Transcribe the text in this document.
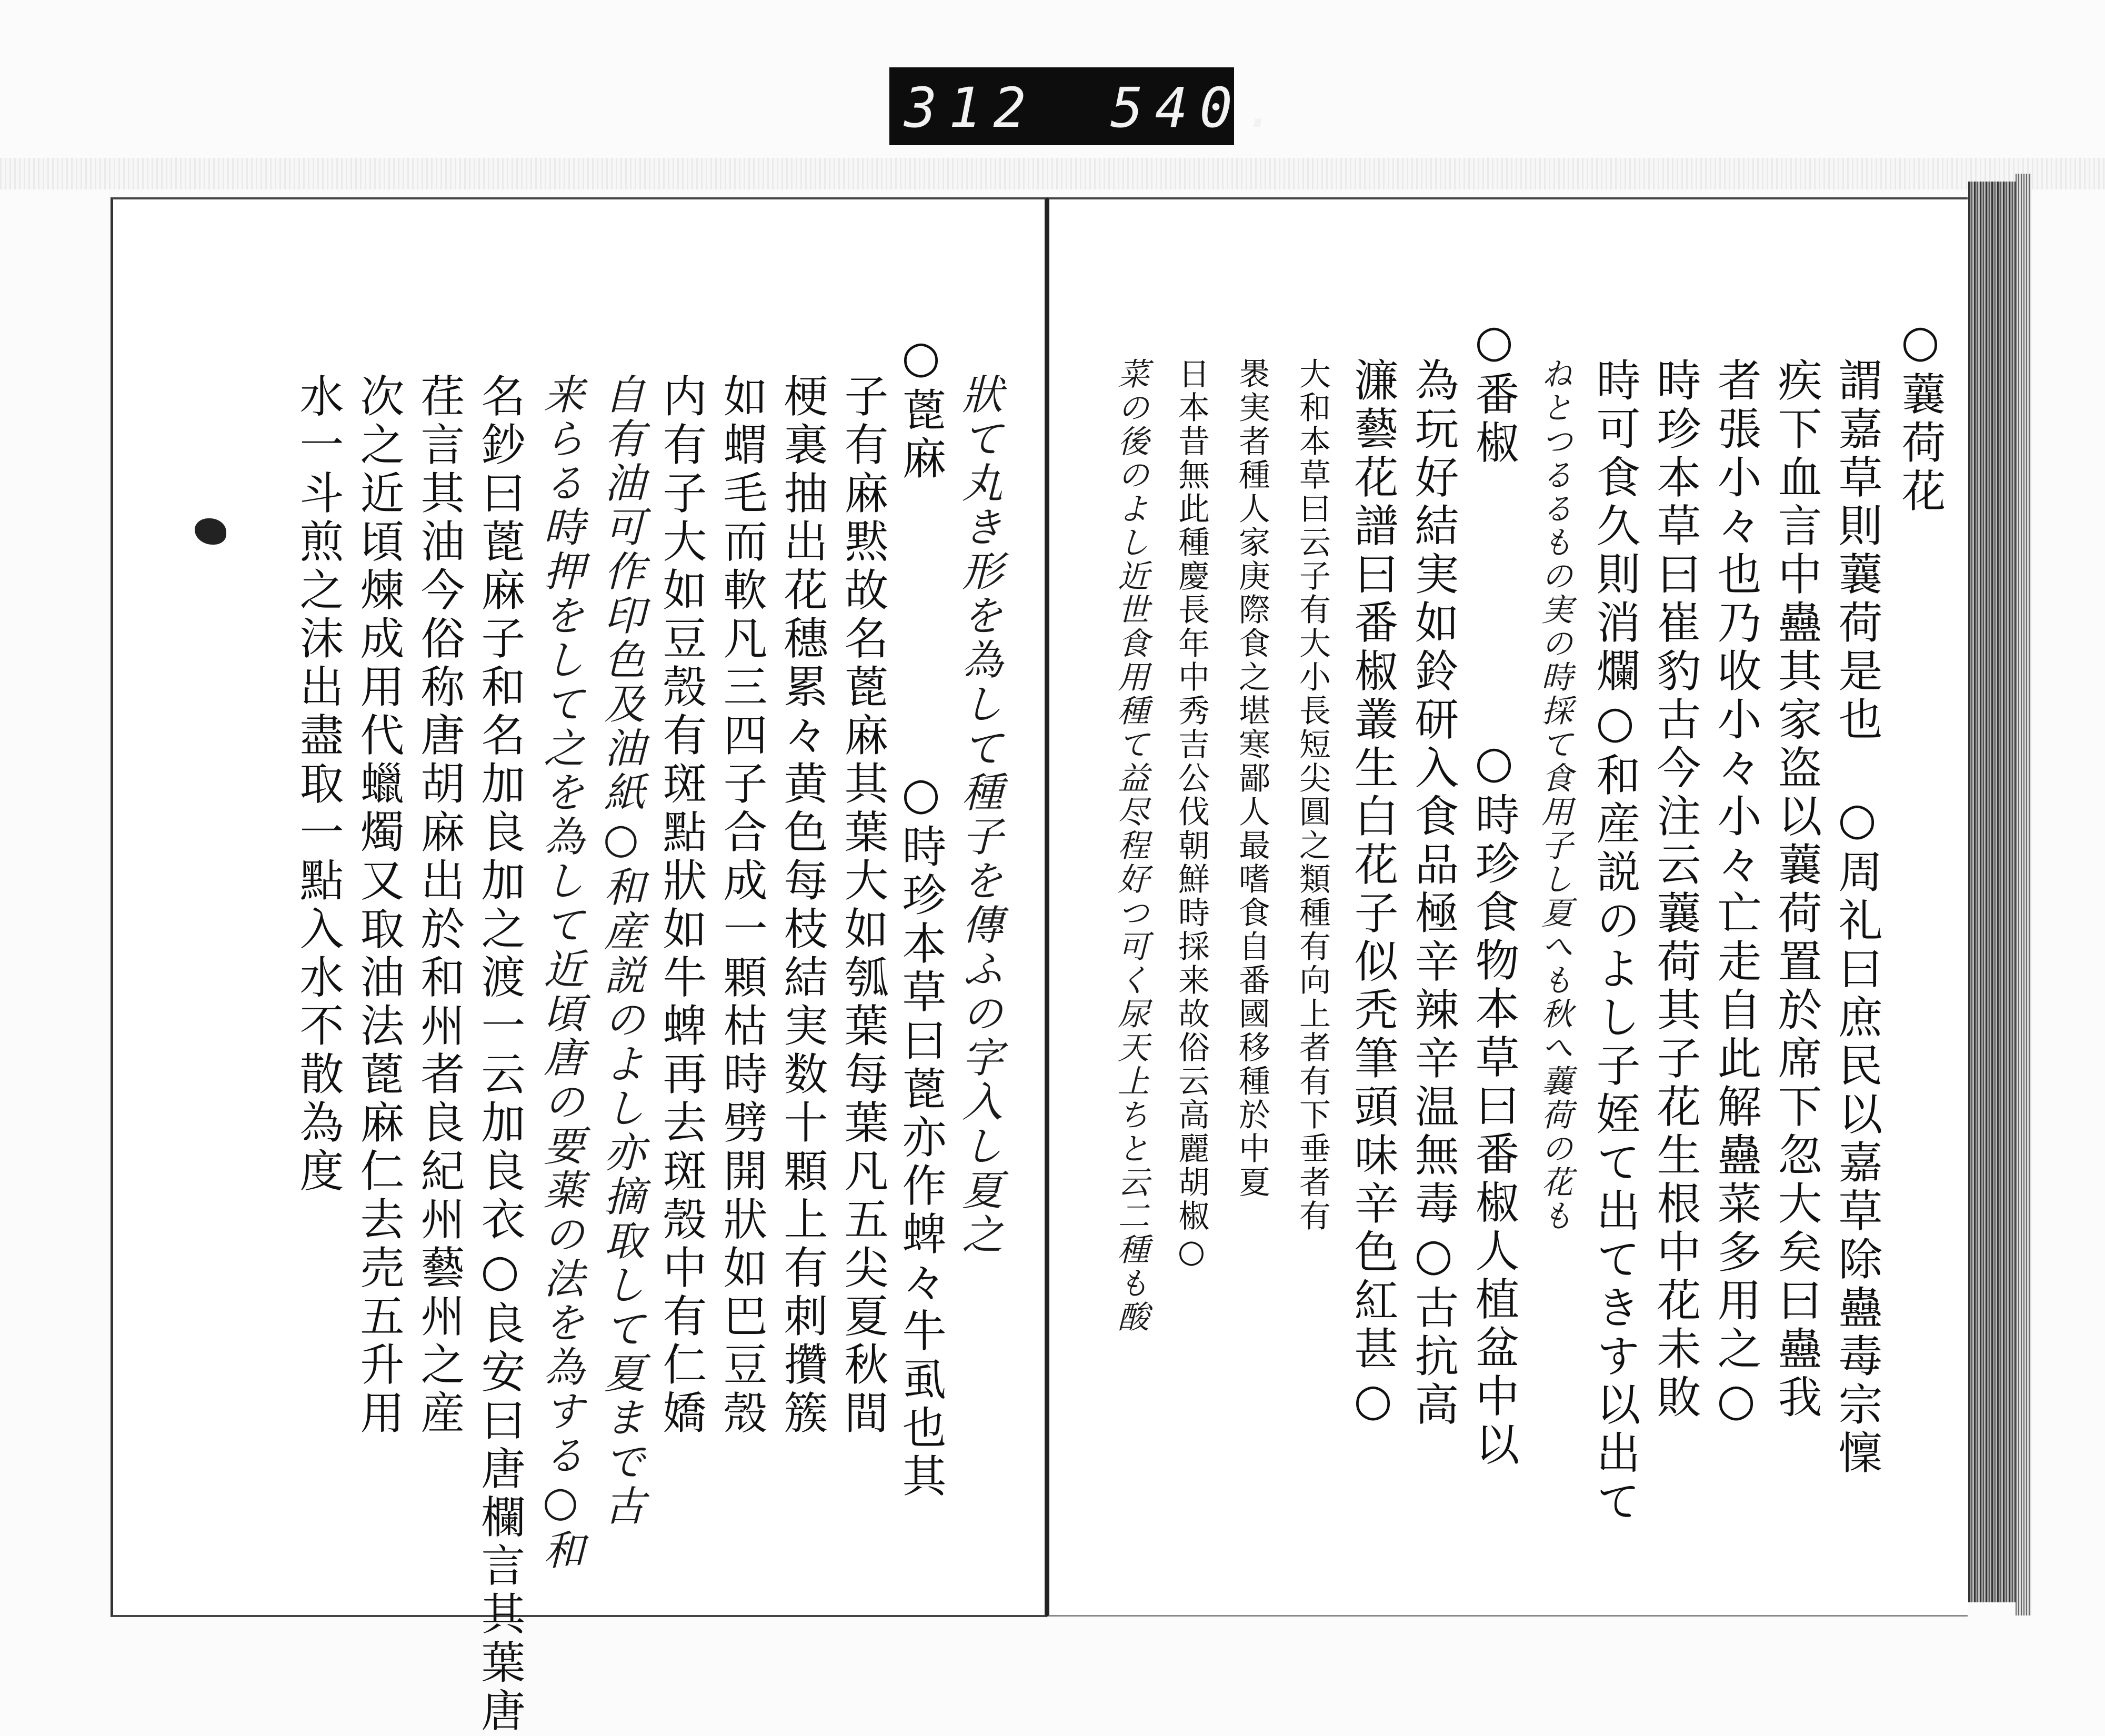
312 540.
狀て丸き形を為して種子を傳ふの字入し夏之
○蓖麻
○時珍本草曰蓖亦作蜱々牛虱也其
子有麻黙故名蓖麻其葉大如瓠葉每葉凡五尖夏秋間
梗裏抽出花穗累々黄色每枝結実数十顆上有刺攢簇
如蝟毛而軟凡三四子合成一顆枯時劈開狀如巴豆殼
内有子大如豆殼有斑點狀如牛蜱再去斑殼中有仁嬌
自有油可作印色及油紙○和産説のよし亦摘取して夏まで古
来らる時押をして之を為して近頃唐の要薬の法を為する○和
名鈔曰蓖麻子和名加良加之渡一云加良衣○良安曰唐欄言其葉唐
荏言其油今俗称唐胡麻出於和州者良紀州藝州之産
次之近頃煉成用代蠟燭又取油法蓖麻仁去売五升用
水一斗煎之沫出盡取一點入水不散為度	○蘘荷花
謂嘉草則蘘荷是也　○周礼曰庶民以嘉草除蠱毒宗懍
疾下血言中蠱其家盗以蘘荷置於席下忽大矣曰蠱我
者張小々也乃收小々小々亡走自此解蠱菜多用之○
時珍本草曰崔豹古今注云蘘荷其子花生根中花未敗
時可食久則消爛○和産説のよし子姪て出てきす以出て
ねとつるるもの実の時採て食用子し夏へも秋へ蘘荷の花も
○番椒
○時珍食物本草曰番椒人植盆中以
為玩好結実如鈴研入食品極辛辣辛温無毒○古抗高
濂藝花譜曰番椒叢生白花子似秃筆頭味辛色紅甚○
大和本草曰云子有大小長短尖圓之類種有向上者有下垂者有
褁実者種人家庚際食之堪寒鄙人最嗜食自番國移種於中夏
日本昔無此種慶長年中秀吉公伐朝鮮時採来故俗云高麗胡椒○
菜の後のよし近世食用種て益尽程好つ可く尿天上ちと云二種も酸
